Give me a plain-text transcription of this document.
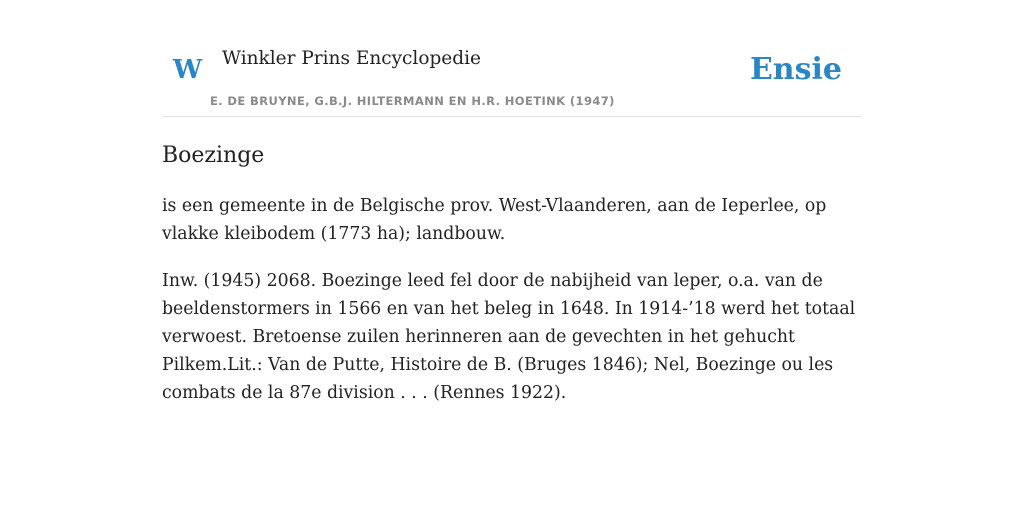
W Winkler Prins Encyclopedie
E. DE BRUYNE, G.B.J. HILTERMANN EN H.R. HOETINK (1947)
Ensie
Boezinge

is een gemeente in de Belgische prov. West-Vlaanderen, aan de Ieperlee, op vlakke kleibodem (1773 ha); landbouw.

Inw. (1945) 2068. Boezinge leed fel door de nabijheid van leper, o.a. van de beeldenstormers in 1566 en van het beleg in 1648. In 1914-’18 werd het totaal verwoest. Bretoense zuilen herinneren aan de gevechten in het gehucht Pilkem.Lit.: Van de Putte, Histoire de B. (Bruges 1846); Nel, Boezinge ou les combats de la 87e division . . . (Rennes 1922).
